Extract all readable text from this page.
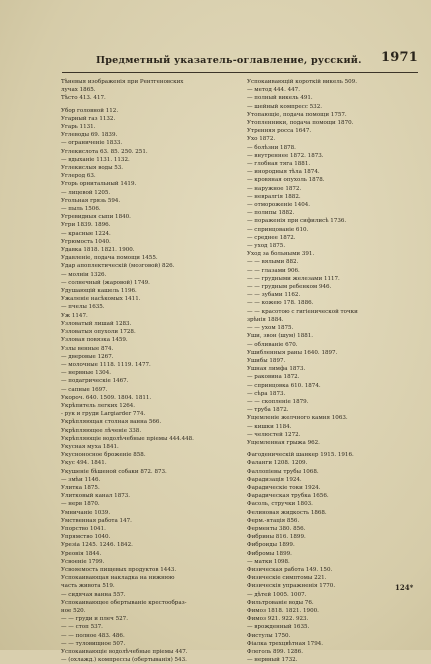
Предметный указатель-оглавление, русский. 1971
Тѣневыя изображенія при Рентгеновских
лучах 1865.
Тѣсто 413. 417.
Убор головной 112.
Угарный газ 1132.
Угарь 1131.
Углеводы 69. 1839.
— ограниченіе 1833.
Углекислота 63. 85. 250. 251.
— вдыханіе 1131. 1132.
Углекислыя воды 53.
Углерод 63.
Угорь орнитальный 1419.
— лицевой 1205.
Угольная грязь 594.
— пыль 1506.
Угревидныя сыпи 1840.
Угри 1839. 1896.
— красные 1224.
Угрюмость 1040.
Удавка 1818. 1821. 1900.
Удавленіе, подача помощи 1455.
Удар апоплектическій (мозговой) 826.
— молніи 1326.
— солнечный (жаровой) 1749.
Удушающій кашель 1196.
Ужаленіе насѣкомых 1411.
— пчелы 1635.
Уж 1147.
Узловатый лишай 1283.
Узловатыя опухоли 1728.
Узловая повязка 1459.
Узлы венные 874.
— дверовые 1267.
— молочные 1118. 1119. 1477.
— нервные 1304.
— подагрическіе 1467.
— сапные 1697.
Укороч. 640. 1509. 1804. 1811.
Укрѣпитель легких 1264.
- рук и груди Largiarder 774.
Укрѣпляющая столная ванна 566.
Укрѣпляющее лѣченіе 338.
Укрѣпляющіе водолѣчебные пріемы 444.448.
Укусная муха 1841.
Укусноносное броженіе 858.
Укус 494. 1841.
Укушеніе бѣшеной собаки 872. 873.
— змѣи 1146.
Улитка 1875.
Улитковый канал 1873.
— нерв 1870.
Умничаніе 1039.
Умственная работа 147.
Упорство 1041.
Упрямство 1040.
Урезіа 1245. 1246. 1842.
Уреовія 1844.
Усвоеніе 1799.
Усвояемость пищевых продуктов 1443.
Успокаивающая накладка на нижнюю
часть живота 519.
— сидячая ванна 557.
Успокаивающее обертываніе крестообраз-
ное 520.
— — груди и плеч 527.
— — стоп 537.
— — полное 483. 486.
— — туловищное 507.
Успокаивающіе водолѣчебные пріемы 447.
— (охлажд.) компрессы (обертыванія) 543.
Успокаивающій короткій викель 509.
— метод 444. 447.
— полный викель 491.
— шейный компресс 532.
Утопающіе, подача помощи 1757.
Утопленники, подача помощи 1870.
Утренняя росса 1647.
Ухо 1872.
— болѣзни 1878.
— внутреннее 1872. 1873.
— глобная тяга 1881.
— инородныя тѣла 1874.
— кровяная опухоль 1878.
— наружное 1872.
— невралгія 1882.
— отмороженіе 1404.
— полипы 1882.
— пораженія при сифилисѣ 1736.
— спринцованіе 610.
— среднее 1872.
— уход 1875.
Уход за больными 391.
— — вялыми 882.
— — глазами 906.
— — грудными железами 1117.
— — грудным ребенком 946.
— — зубами 1162.
— — кожею 178. 1886.
— — красотою с гигіенической точки
зрѣнія 1884.
— — ухом 1875.
Уши, звон (шум) 1881.
— обливаніе 670.
Ушибленныя раны 1640. 1897.
Ушибы 1897.
Ушная лимфа 1873.
— раковина 1872.
— спринцовка 610. 1874.
— сѣра 1873.
— — скопленіе 1879.
— труба 1872.
Ущемленіе желчного камня 1063.
— кишки 1184.
— челюстей 1272.
Ущемленная грыжа 962.
Фагоденическій шанкер 1915. 1916.
Фаланги 1208. 1209.
Фаллопіевы трубы 1068.
Фарадизація 1924.
Фарадическіе токи 1924.
Фарадическая трубка 1656.
Фасоль, стручки 1803.
Фелиновая жидкость 1868.
Ферм.-ятація 856.
Ферменты 380. 856.
Фибрины 816. 1899.
Фиброиды 1899.
Фибромы 1899.
— матки 1098.
Физическая работа 149. 150.
Физическіе симптомы 221.
Физическія упражненія 1770.
— дѣтей 1005. 1007.
Фильтрованіе воды 76.
Фимоз 1818. 1821. 1900.
Фимоз 921. 922. 923.
— врожденный 1635.
Фистулы 1750.
Фіалка трехцвѣтная 1794.
Флеголь 899. 1286.
— нервный 1732.
124*
